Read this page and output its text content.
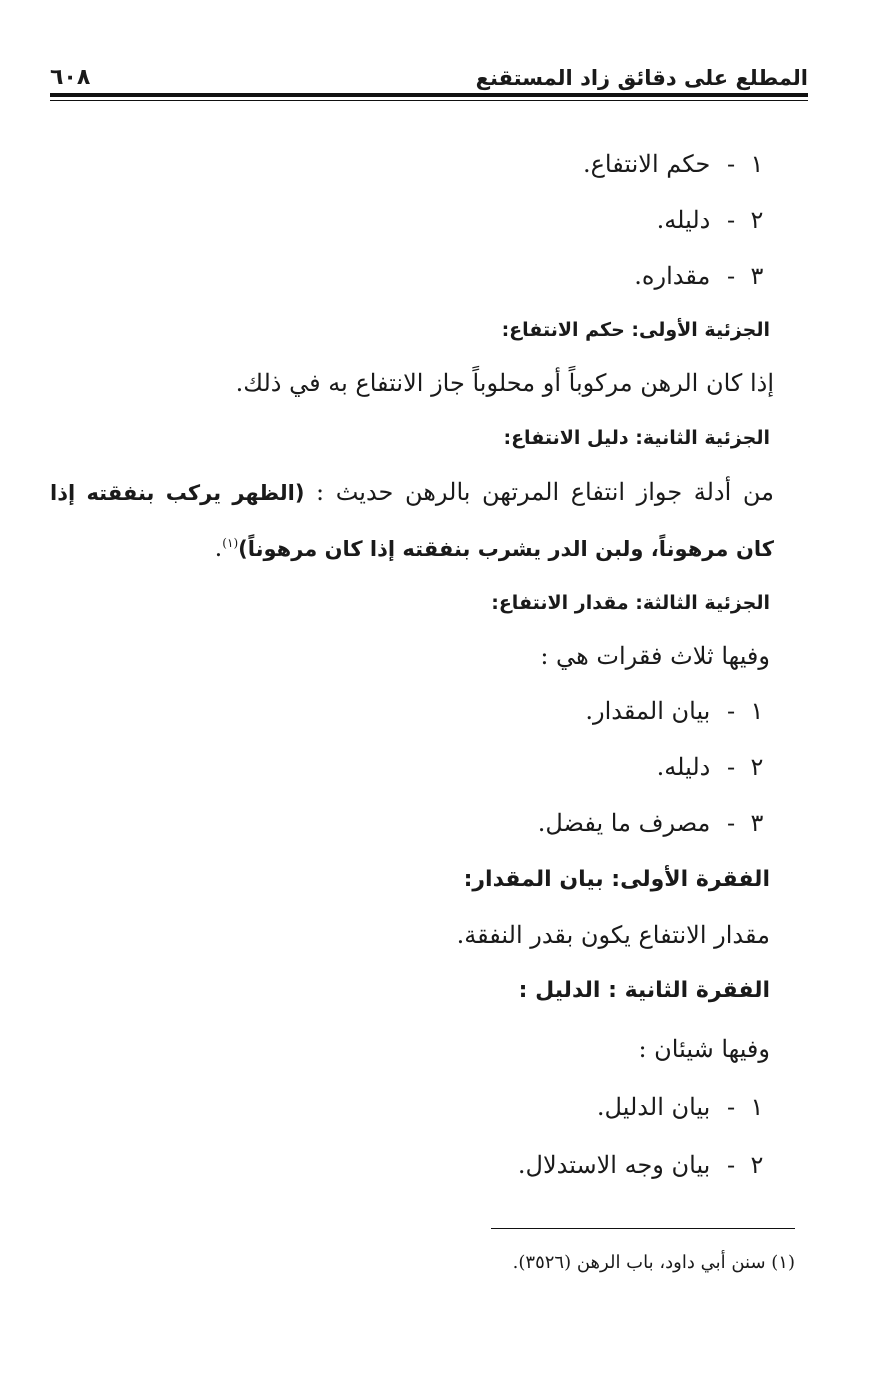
المطلع على دقائق زاد المستقنع
٦٠٨
١- حكم الانتفاع.
٢- دليله.
٣- مقداره.
الجزئية الأولى: حكم الانتفاع:
إذا كان الرهن مركوباً أو محلوباً جاز الانتفاع به في ذلك.
الجزئية الثانية: دليل الانتفاع:
من أدلة جواز انتفاع المرتهن بالرهن حديث : (الظهر يركب بنفقته إذا كان مرهوناً، ولبن الدر يشرب بنفقته إذا كان مرهوناً)$^{(١)}$.
الجزئية الثالثة: مقدار الانتفاع:
وفيها ثلاث فقرات هي :
١- بيان المقدار.
٢- دليله.
٣- مصرف ما يفضل.
الفقرة الأولى: بيان المقدار:
مقدار الانتفاع يكون بقدر النفقة.
الفقرة الثانية : الدليل :
وفيها شيئان :
١- بيان الدليل.
٢- بيان وجه الاستدلال.
(١) سنن أبي داود، باب الرهن (٣٥٢٦).
